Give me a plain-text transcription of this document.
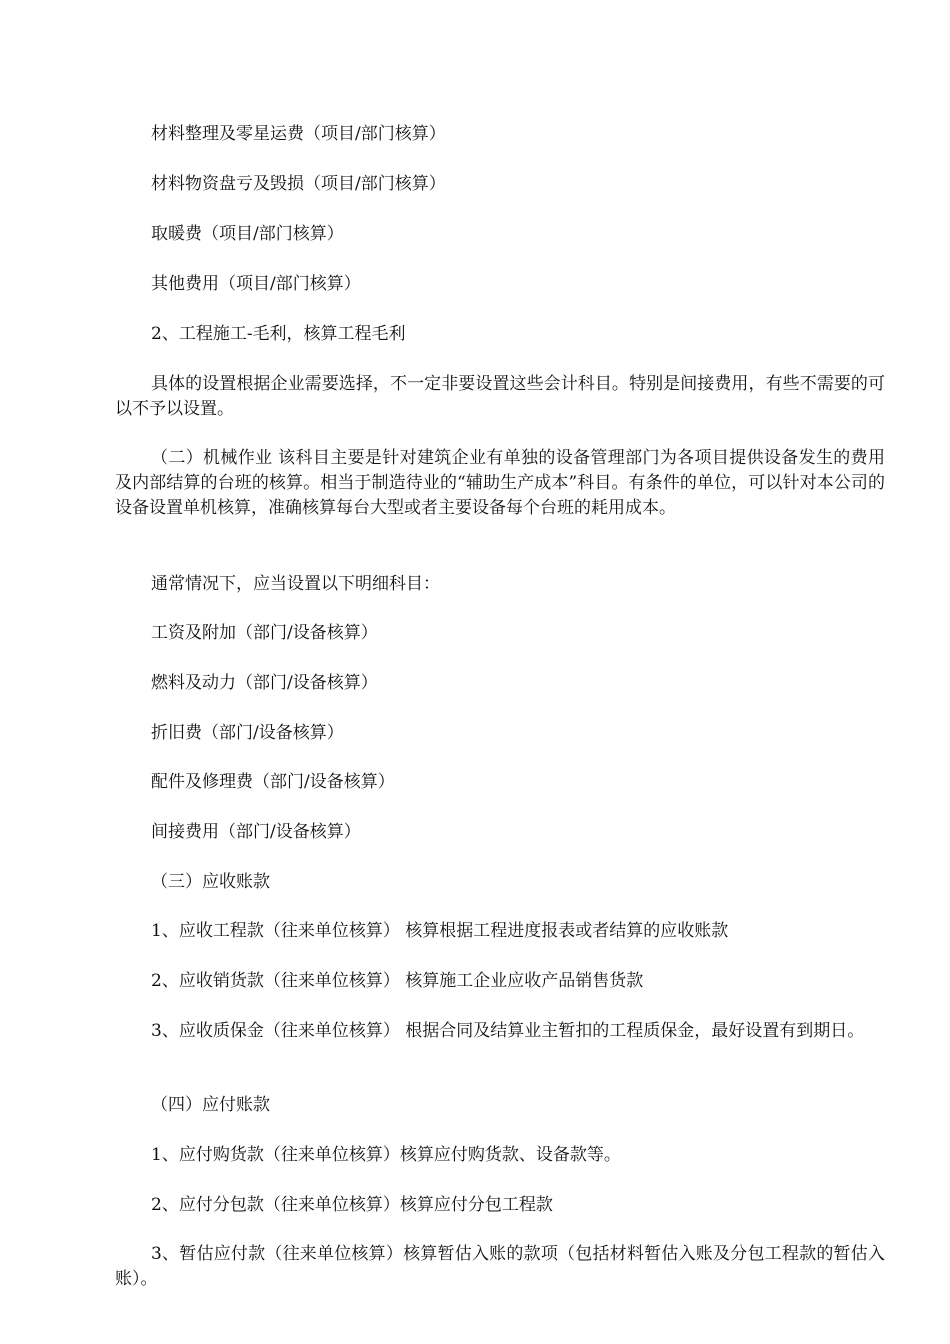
材料整理及零星运费（项目/部门核算）

材料物资盘亏及毁损（项目/部门核算）

取暖费（项目/部门核算）

其他费用（项目/部门核算）

2、工程施工-毛利，核算工程毛利

具体的设置根据企业需要选择，不一定非要设置这些会计科目。特别是间接费用，有些不需要的可以不予以设置。

（二）机械作业 该科目主要是针对建筑企业有单独的设备管理部门为各项目提供设备发生的费用及内部结算的台班的核算。相当于制造待业的“辅助生产成本”科目。有条件的单位，可以针对本公司的设备设置单机核算，准确核算每台大型或者主要设备每个台班的耗用成本。

通常情况下，应当设置以下明细科目：

工资及附加（部门/设备核算）

燃料及动力（部门/设备核算）

折旧费（部门/设备核算）

配件及修理费（部门/设备核算）

间接费用（部门/设备核算）

（三）应收账款

1、应收工程款（往来单位核算） 核算根据工程进度报表或者结算的应收账款

2、应收销货款（往来单位核算） 核算施工企业应收产品销售货款

3、应收质保金（往来单位核算） 根据合同及结算业主暂扣的工程质保金，最好设置有到期日。

（四）应付账款

1、应付购货款（往来单位核算）核算应付购货款、设备款等。

2、应付分包款（往来单位核算）核算应付分包工程款

3、暂估应付款（往来单位核算）核算暂估入账的款项（包括材料暂估入账及分包工程款的暂估入账）。
